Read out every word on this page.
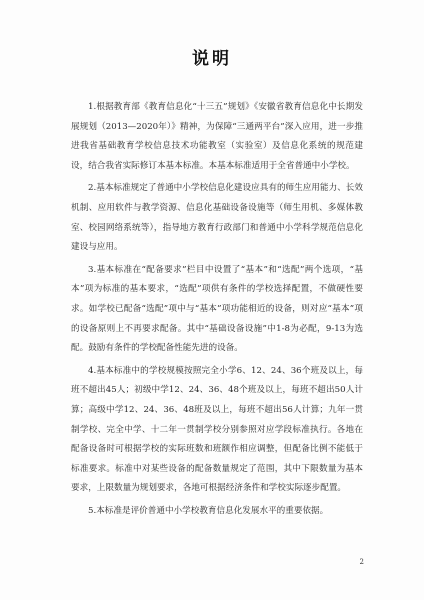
说明

1.根据教育部《教育信息化“十三五”规划》《安徽省教育信息化中长期发展规划（2013—2020年）》精神，为保障“三通两平台”深入应用，进一步推进我省基础教育学校信息技术功能教室（实验室）及信息化系统的规范建设，结合我省实际修订本基本标准。本基本标准适用于全省普通中小学校。

2.基本标准规定了普通中小学校信息化建设应具有的师生应用能力、长效机制、应用软件与教学资源、信息化基础设备设施等（师生用机、多媒体教室、校园网络系统等），指导地方教育行政部门和普通中小学科学规范信息化建设与应用。

3.基本标准在“配备要求”栏目中设置了“基本”和“选配”两个选项，“基本”项为标准的基本要求，“选配”项供有条件的学校选择配置，不做硬性要求。如学校已配备“选配”项中与“基本”项功能相近的设备，则对应“基本”项的设备原则上不再要求配备。其中“基础设备设施”中1-8为必配，9-13为选配。鼓励有条件的学校配备性能先进的设备。

4.基本标准中的学校规模按照完全小学6、12、24、36个班及以上，每班不超出45人；初级中学12、24、36、48个班及以上，每班不超出50人计算；高级中学12、24、36、48班及以上，每班不超出56人计算；九年一贯制学校、完全中学、十二年一贯制学校分别参照对应学段标准执行。各地在配备设备时可根据学校的实际班数和班额作相应调整，但配备比例不能低于标准要求。标准中对某些设备的配备数量规定了范围，其中下限数量为基本要求，上限数量为规划要求，各地可根据经济条件和学校实际逐步配置。

5.本标准是评价普通中小学校教育信息化发展水平的重要依据。

2
